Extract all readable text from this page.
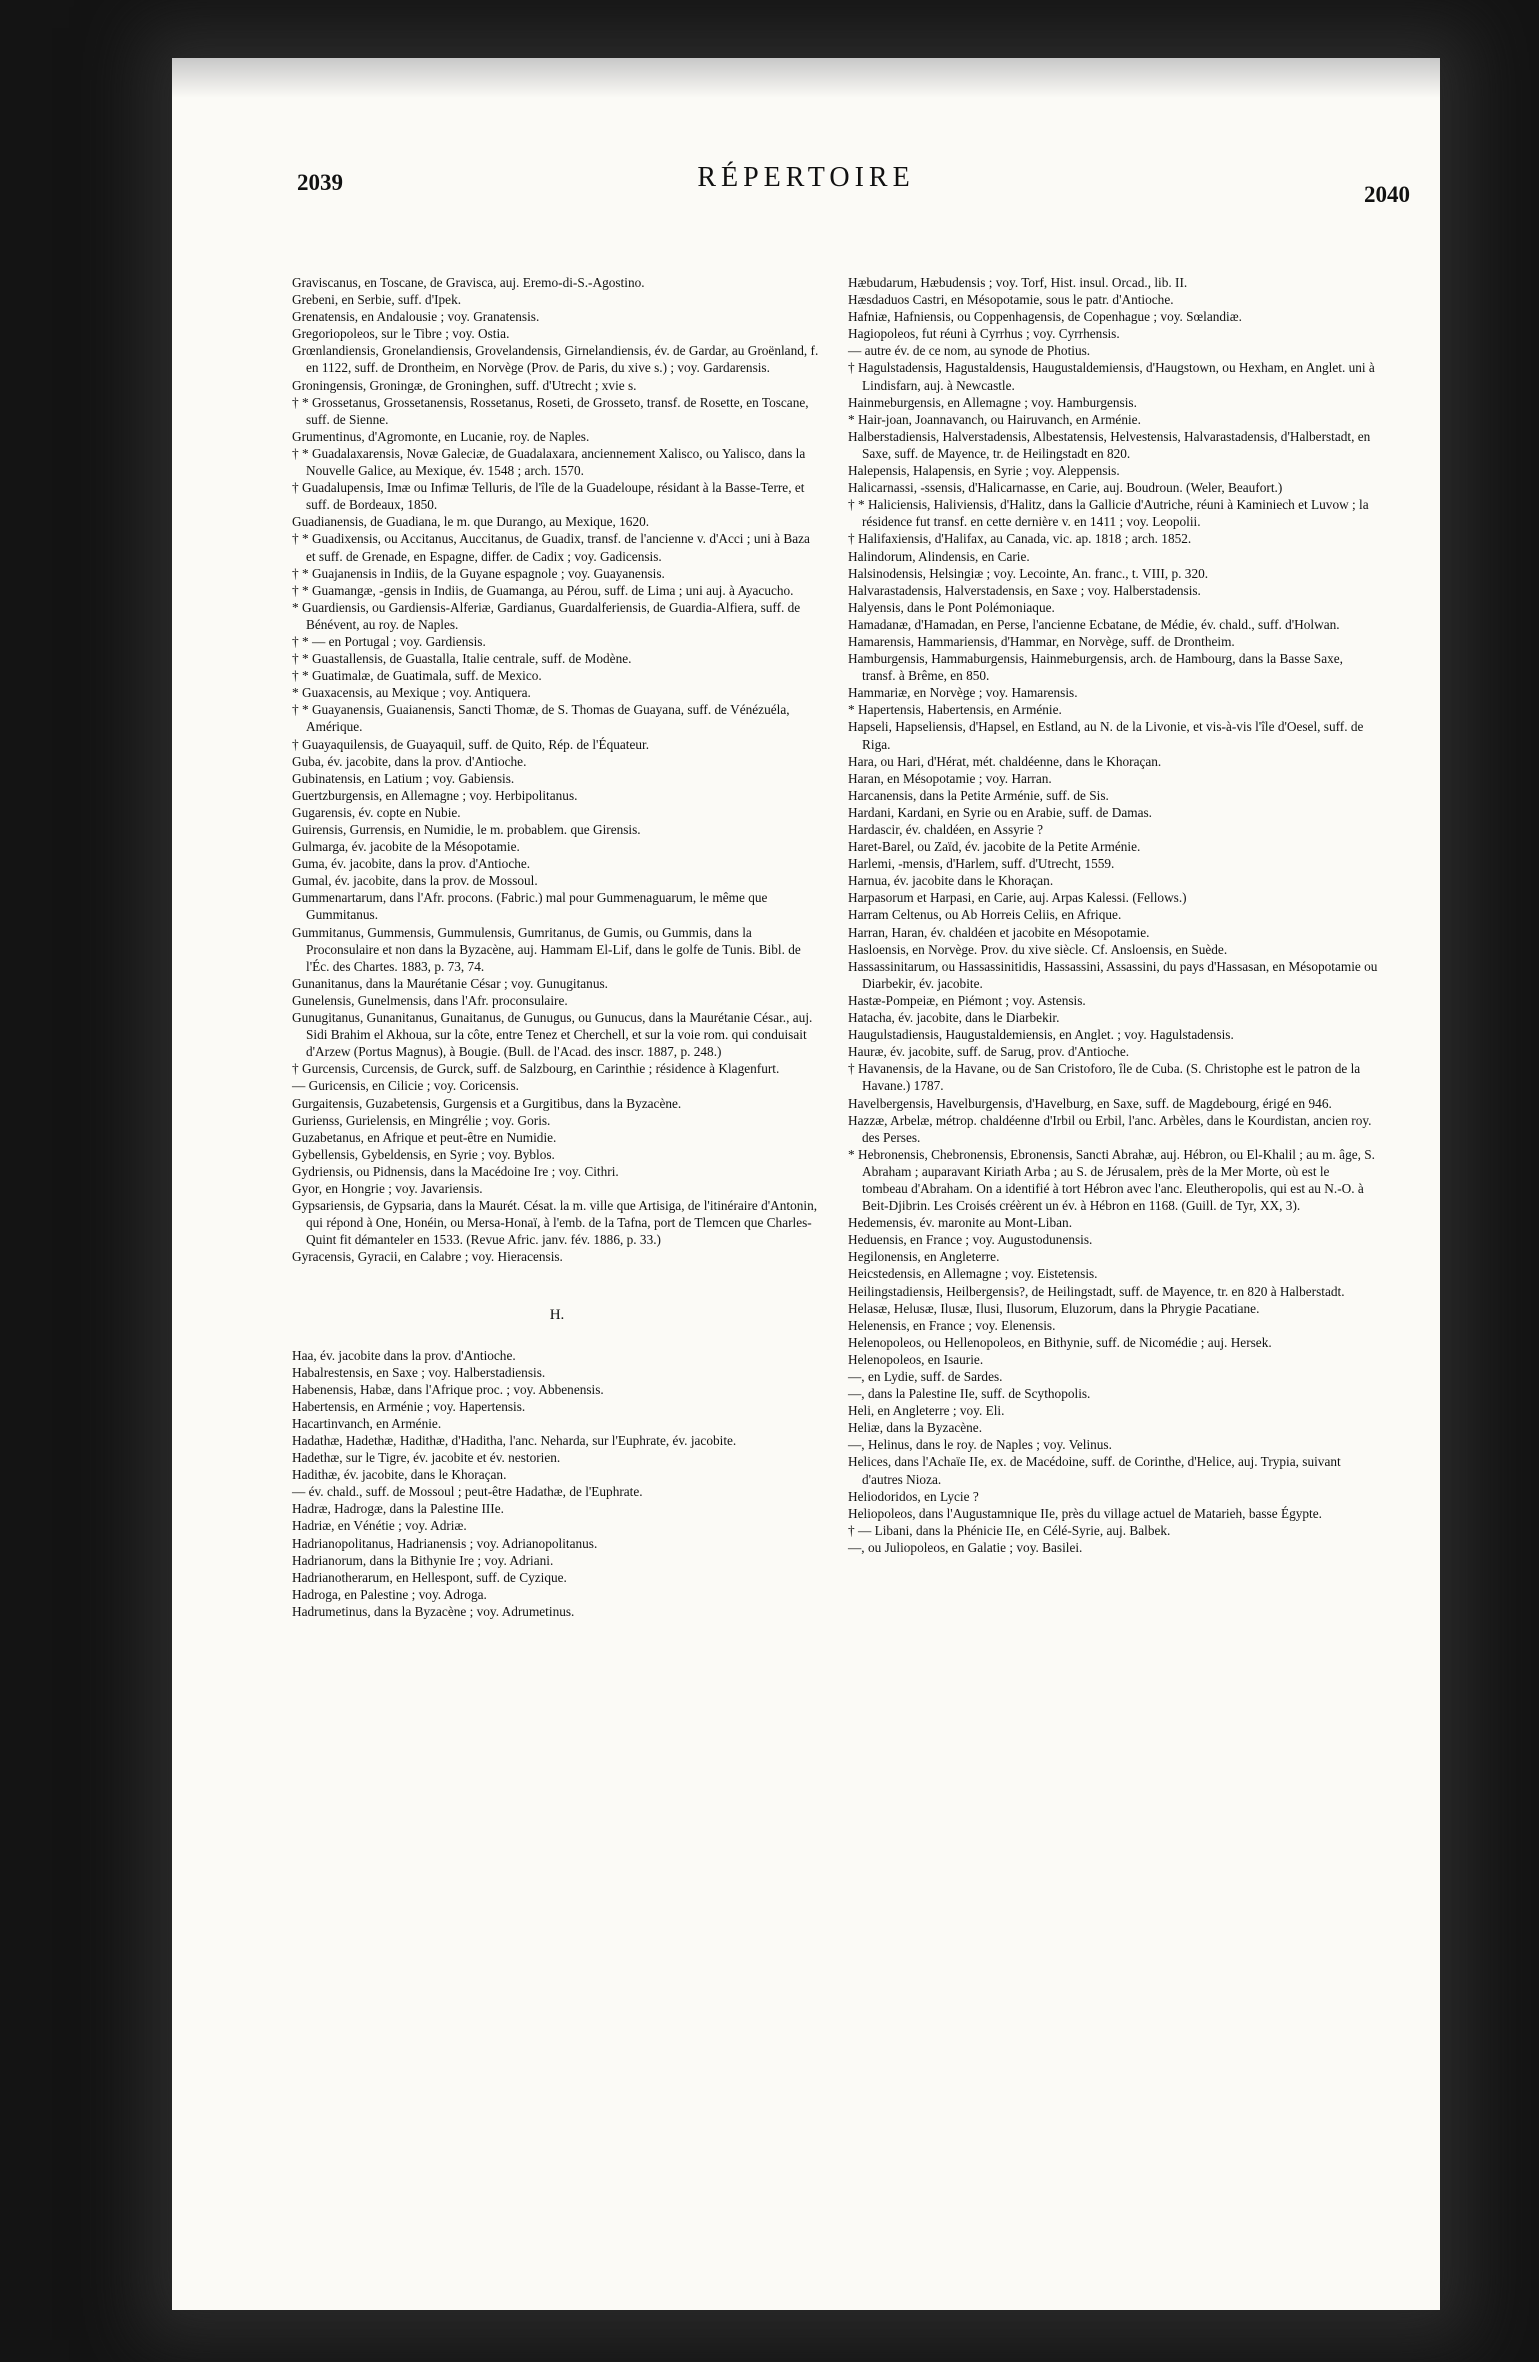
2039	RÉPERTOIRE
2040

Graviscanus, en Toscane, de Gravisca, auj. Eremo-di-S.-Agostino.

Grebeni, en Serbie, suff. d'Ipek.

Grenatensis, en Andalousie ; voy. Granatensis.

Gregoriopoleos, sur le Tibre ; voy. Ostia.

Grœnlandiensis, Gronelandiensis, Grovelandensis, Girnelandiensis, év. de Gardar, au Groënland, f. en 1122, suff. de Drontheim, en Norvège (Prov. de Paris, du xive s.) ; voy. Gardarensis.

Groningensis, Groningæ, de Groninghen, suff. d'Utrecht ; xvie s.

† * Grossetanus, Grossetanensis, Rossetanus, Roseti, de Grosseto, transf. de Rosette, en Toscane, suff. de Sienne.

Grumentinus, d'Agromonte, en Lucanie, roy. de Naples.

† * Guadalaxarensis, Novæ Galeciæ, de Guadalaxara, anciennement Xalisco, ou Yalisco, dans la Nouvelle Galice, au Mexique, év. 1548 ; arch. 1570.

† Guadalupensis, Imæ ou Infimæ Telluris, de l'île de la Guadeloupe, résidant à la Basse-Terre, et suff. de Bordeaux, 1850.

Guadianensis, de Guadiana, le m. que Durango, au Mexique, 1620.

† * Guadixensis, ou Accitanus, Auccitanus, de Guadix, transf. de l'ancienne v. d'Acci ; uni à Baza et suff. de Grenade, en Espagne, differ. de Cadix ; voy. Gadicensis.

† * Guajanensis in Indiis, de la Guyane espagnole ; voy. Guayanensis.

† * Guamangæ, -gensis in Indiis, de Guamanga, au Pérou, suff. de Lima ; uni auj. à Ayacucho.

* Guardiensis, ou Gardiensis-Alferiæ, Gardianus, Guardalferiensis, de Guardia-Alfiera, suff. de Bénévent, au roy. de Naples.

† * — en Portugal ; voy. Gardiensis.

† * Guastallensis, de Guastalla, Italie centrale, suff. de Modène.

† * Guatimalæ, de Guatimala, suff. de Mexico.

* Guaxacensis, au Mexique ; voy. Antiquera.

† * Guayanensis, Guaianensis, Sancti Thomæ, de S. Thomas de Guayana, suff. de Vénézuéla, Amérique.

† Guayaquilensis, de Guayaquil, suff. de Quito, Rép. de l'Équateur.

Guba, év. jacobite, dans la prov. d'Antioche.

Gubinatensis, en Latium ; voy. Gabiensis.

Guertzburgensis, en Allemagne ; voy. Herbipolitanus.

Gugarensis, év. copte en Nubie.

Guirensis, Gurrensis, en Numidie, le m. probablem. que Girensis.

Gulmarga, év. jacobite de la Mésopotamie.

Guma, év. jacobite, dans la prov. d'Antioche.

Gumal, év. jacobite, dans la prov. de Mossoul.

Gummenartarum, dans l'Afr. procons. (Fabric.) mal pour Gummenaguarum, le même que Gummitanus.

Gummitanus, Gummensis, Gummulensis, Gumritanus, de Gumis, ou Gummis, dans la Proconsulaire et non dans la Byzacène, auj. Hammam El-Lif, dans le golfe de Tunis. Bibl. de l'Éc. des Chartes. 1883, p. 73, 74.

Gunanitanus, dans la Maurétanie César ; voy. Gunugitanus.

Gunelensis, Gunelmensis, dans l'Afr. proconsulaire.

Gunugitanus, Gunanitanus, Gunaitanus, de Gunugus, ou Gunucus, dans la Maurétanie César., auj. Sidi Brahim el Akhoua, sur la côte, entre Tenez et Cherchell, et sur la voie rom. qui conduisait d'Arzew (Portus Magnus), à Bougie. (Bull. de l'Acad. des inscr. 1887, p. 248.)

† Gurcensis, Curcensis, de Gurck, suff. de Salzbourg, en Carinthie ; résidence à Klagenfurt.

— Guricensis, en Cilicie ; voy. Coricensis.

Gurgaitensis, Guzabetensis, Gurgensis et a Gurgitibus, dans la Byzacène.

Gurienss, Gurielensis, en Mingrélie ; voy. Goris.

Guzabetanus, en Afrique et peut-être en Numidie.

Gybellensis, Gybeldensis, en Syrie ; voy. Byblos.

Gydriensis, ou Pidnensis, dans la Macédoine Ire ; voy. Cithri.

Gyor, en Hongrie ; voy. Javariensis.

Gypsariensis, de Gypsaria, dans la Maurét. Césat. la m. ville que Artisiga, de l'itinéraire d'Antonin, qui répond à One, Honéin, ou Mersa-Honaï, à l'emb. de la Tafna, port de Tlemcen que Charles-Quint fit démanteler en 1533. (Revue Afric. janv. fév. 1886, p. 33.)

Gyracensis, Gyracii, en Calabre ; voy. Hieracensis.

H.

Haa, év. jacobite dans la prov. d'Antioche.

Habalrestensis, en Saxe ; voy. Halberstadiensis.

Habenensis, Habæ, dans l'Afrique proc. ; voy. Abbenensis.

Habertensis, en Arménie ; voy. Hapertensis.

Hacartinvanch, en Arménie.

Hadathæ, Hadethæ, Hadithæ, d'Haditha, l'anc. Neharda, sur l'Euphrate, év. jacobite.

Hadethæ, sur le Tigre, év. jacobite et év. nestorien.

Hadithæ, év. jacobite, dans le Khoraçan.

— év. chald., suff. de Mossoul ; peut-être Hadathæ, de l'Euphrate.

Hadræ, Hadrogæ, dans la Palestine IIIe.

Hadriæ, en Vénétie ; voy. Adriæ.

Hadrianopolitanus, Hadrianensis ; voy. Adrianopolitanus.

Hadrianorum, dans la Bithynie Ire ; voy. Adriani.

Hadrianotherarum, en Hellespont, suff. de Cyzique.

Hadroga, en Palestine ; voy. Adroga.

Hadrumetinus, dans la Byzacène ; voy. Adrumetinus.

Hæbudarum, Hæbudensis ; voy. Torf, Hist. insul. Orcad., lib. II.

Hæsdaduos Castri, en Mésopotamie, sous le patr. d'Antioche.

Hafniæ, Hafniensis, ou Coppenhagensis, de Copenhague ; voy. Sœlandiæ.

Hagiopoleos, fut réuni à Cyrrhus ; voy. Cyrrhensis.

— autre év. de ce nom, au synode de Photius.

† Hagulstadensis, Hagustaldensis, Haugustaldemiensis, d'Haugstown, ou Hexham, en Anglet. uni à Lindisfarn, auj. à Newcastle.

Hainmeburgensis, en Allemagne ; voy. Hamburgensis.

* Hair-joan, Joannavanch, ou Hairuvanch, en Arménie.

Halberstadiensis, Halverstadensis, Albestatensis, Helvestensis, Halvarastadensis, d'Halberstadt, en Saxe, suff. de Mayence, tr. de Heilingstadt en 820.

Halepensis, Halapensis, en Syrie ; voy. Aleppensis.

Halicarnassi, -ssensis, d'Halicarnasse, en Carie, auj. Boudroun. (Weler, Beaufort.)

† * Haliciensis, Haliviensis, d'Halitz, dans la Gallicie d'Autriche, réuni à Kaminiech et Luvow ; la résidence fut transf. en cette dernière v. en 1411 ; voy. Leopolii.

† Halifaxiensis, d'Halifax, au Canada, vic. ap. 1818 ; arch. 1852.

Halindorum, Alindensis, en Carie.

Halsinodensis, Helsingiæ ; voy. Lecointe, An. franc., t. VIII, p. 320.

Halvarastadensis, Halverstadensis, en Saxe ; voy. Halberstadensis.

Halyensis, dans le Pont Polémoniaque.

Hamadanæ, d'Hamadan, en Perse, l'ancienne Ecbatane, de Médie, év. chald., suff. d'Holwan.

Hamarensis, Hammariensis, d'Hammar, en Norvège, suff. de Drontheim.

Hamburgensis, Hammaburgensis, Hainmeburgensis, arch. de Hambourg, dans la Basse Saxe, transf. à Brême, en 850.

Hammariæ, en Norvège ; voy. Hamarensis.

* Hapertensis, Habertensis, en Arménie.

Hapseli, Hapseliensis, d'Hapsel, en Estland, au N. de la Livonie, et vis-à-vis l'île d'Oesel, suff. de Riga.

Hara, ou Hari, d'Hérat, mét. chaldéenne, dans le Khoraçan.

Haran, en Mésopotamie ; voy. Harran.

Harcanensis, dans la Petite Arménie, suff. de Sis.

Hardani, Kardani, en Syrie ou en Arabie, suff. de Damas.

Hardascir, év. chaldéen, en Assyrie ?

Haret-Barel, ou Zaïd, év. jacobite de la Petite Arménie.

Harlemi, -mensis, d'Harlem, suff. d'Utrecht, 1559.

Harnua, év. jacobite dans le Khoraçan.

Harpasorum et Harpasi, en Carie, auj. Arpas Kalessi. (Fellows.)

Harram Celtenus, ou Ab Horreis Celiis, en Afrique.

Harran, Haran, év. chaldéen et jacobite en Mésopotamie.

Hasloensis, en Norvège. Prov. du xive siècle. Cf. Ansloensis, en Suède.

Hassassinitarum, ou Hassassinitidis, Hassassini, Assassini, du pays d'Hassasan, en Mésopotamie ou Diarbekir, év. jacobite.

Hastæ-Pompeiæ, en Piémont ; voy. Astensis.

Hatacha, év. jacobite, dans le Diarbekir.

Haugulstadiensis, Haugustaldemiensis, en Anglet. ; voy. Hagulstadensis.

Hauræ, év. jacobite, suff. de Sarug, prov. d'Antioche.

† Havanensis, de la Havane, ou de San Cristoforo, île de Cuba. (S. Christophe est le patron de la Havane.) 1787.

Havelbergensis, Havelburgensis, d'Havelburg, en Saxe, suff. de Magdebourg, érigé en 946.

Hazzæ, Arbelæ, métrop. chaldéenne d'Irbil ou Erbil, l'anc. Arbèles, dans le Kourdistan, ancien roy. des Perses.

* Hebronensis, Chebronensis, Ebronensis, Sancti Abrahæ, auj. Hébron, ou El-Khalil ; au m. âge, S. Abraham ; auparavant Kiriath Arba ; au S. de Jérusalem, près de la Mer Morte, où est le tombeau d'Abraham. On a identifié à tort Hébron avec l'anc. Eleutheropolis, qui est au N.-O. à Beit-Djibrin. Les Croisés créèrent un év. à Hébron en 1168. (Guill. de Tyr, XX, 3).

Hedemensis, év. maronite au Mont-Liban.

Heduensis, en France ; voy. Augustodunensis.

Hegilonensis, en Angleterre.

Heicstedensis, en Allemagne ; voy. Eistetensis.

Heilingstadiensis, Heilbergensis?, de Heilingstadt, suff. de Mayence, tr. en 820 à Halberstadt.

Helasæ, Helusæ, Ilusæ, Ilusi, Ilusorum, Eluzorum, dans la Phrygie Pacatiane.

Helenensis, en France ; voy. Elenensis.

Helenopoleos, ou Hellenopoleos, en Bithynie, suff. de Nicomédie ; auj. Hersek.

Helenopoleos, en Isaurie.

—, en Lydie, suff. de Sardes.

—, dans la Palestine IIe, suff. de Scythopolis.

Heli, en Angleterre ; voy. Eli.

Heliæ, dans la Byzacène.

—, Helinus, dans le roy. de Naples ; voy. Velinus.

Helices, dans l'Achaïe IIe, ex. de Macédoine, suff. de Corinthe, d'Helice, auj. Trypia, suivant d'autres Nioza.

Heliodoridos, en Lycie ?

Heliopoleos, dans l'Augustamnique IIe, près du village actuel de Matarieh, basse Égypte.

† — Libani, dans la Phénicie IIe, en Célé-Syrie, auj. Balbek.

—, ou Juliopoleos, en Galatie ; voy. Basilei.
